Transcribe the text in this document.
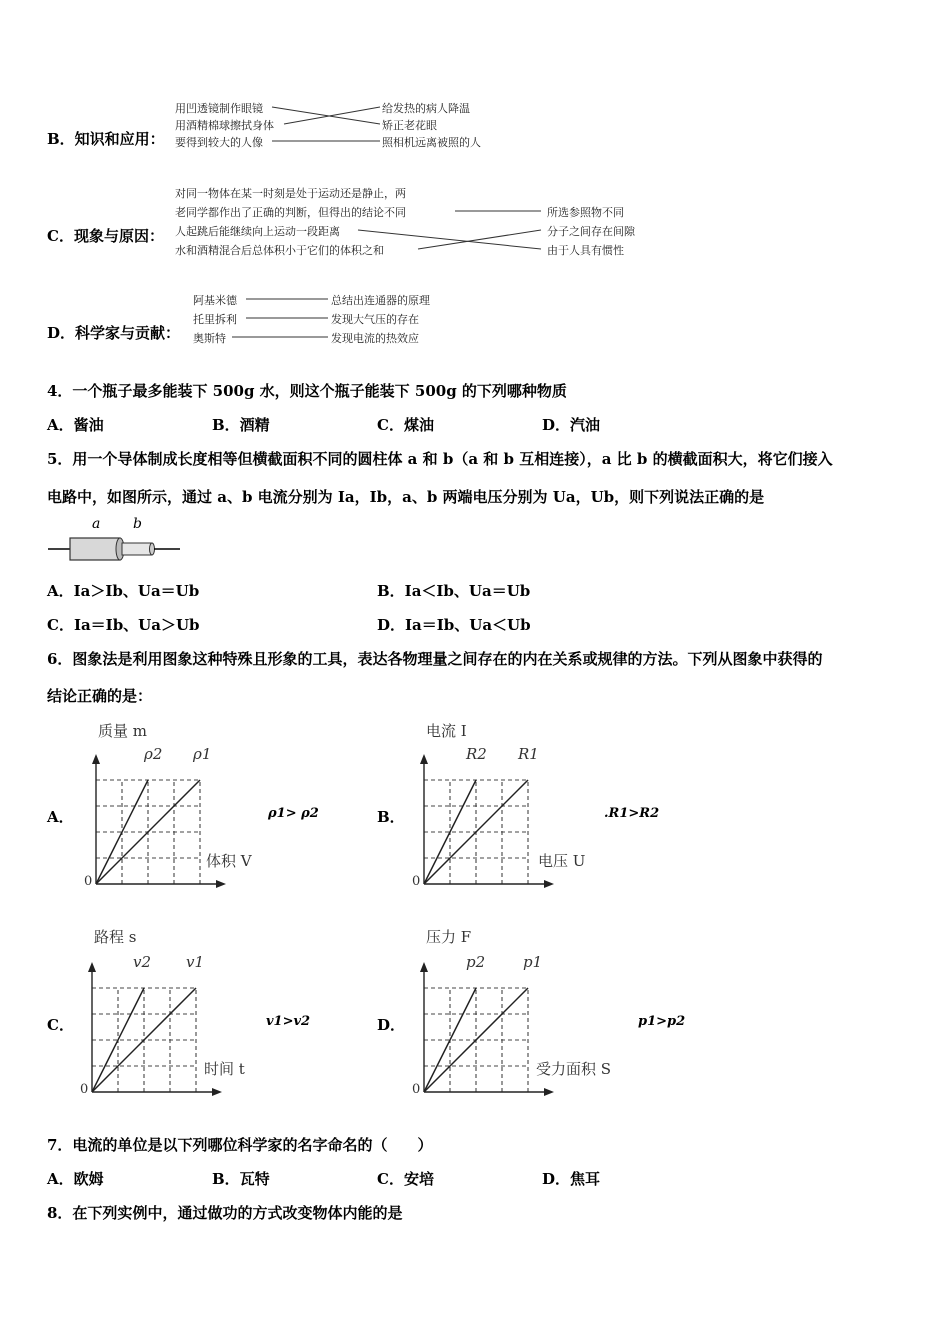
B．知识和应用：
用凹透镜制作眼镜
用酒精棉球擦拭身体
要得到较大的人像
给发热的病人降温
矫正老花眼
照相机远离被照的人
C．现象与原因：
对同一物体在某一时刻是处于运动还是静止，两
老同学都作出了正确的判断，但得出的结论不同
人起跳后能继续向上运动一段距离
水和酒精混合后总体积小于它们的体积之和
所选参照物不同
分子之间存在间隙
由于人具有惯性
D．科学家与贡献：
阿基米德
托里拆利
奥斯特
总结出连通器的原理
发现大气压的存在
发现电流的热效应
4．一个瓶子最多能装下 500g 水，则这个瓶子能装下 500g 的下列哪种物质
A．酱油	B．酒精	C．煤油	D．汽油
5．用一个导体制成长度相等但横截面积不同的圆柱体 a 和 b（a 和 b 互相连接），a 比 b 的横截面积大，将它们接入
电路中，如图所示，通过 a、b 电流分别为 Ia，Ib，a、b 两端电压分别为 Ua，Ub，则下列说法正确的是
a b
A．Ia＞Ib、Ua＝Ub	B．Ia＜Ib、Ua＝Ub
C．Ia＝Ib、Ua＞Ub	D．Ia＝Ib、Ua＜Ub
6．图象法是利用图象这种特殊且形象的工具，表达各物理量之间存在的内在关系或规律的方法。下列从图象中获得的
结论正确的是：
A．
质量 m
体积 V
0
ρ2 ρ1
ρ1> ρ2	B．
电流 I
电压 U
0
R2 R1
.R1>R2
C．
路程 s
时间 t
0
v2 v1
v1>v2	D．
压力 F
受力面积 S
0
p2	p1
p1>p2
7．电流的单位是以下列哪位科学家的名字命名的（　　）
A．欧姆	B．瓦特	C．安培	D．焦耳
8．在下列实例中，通过做功的方式改变物体内能的是
